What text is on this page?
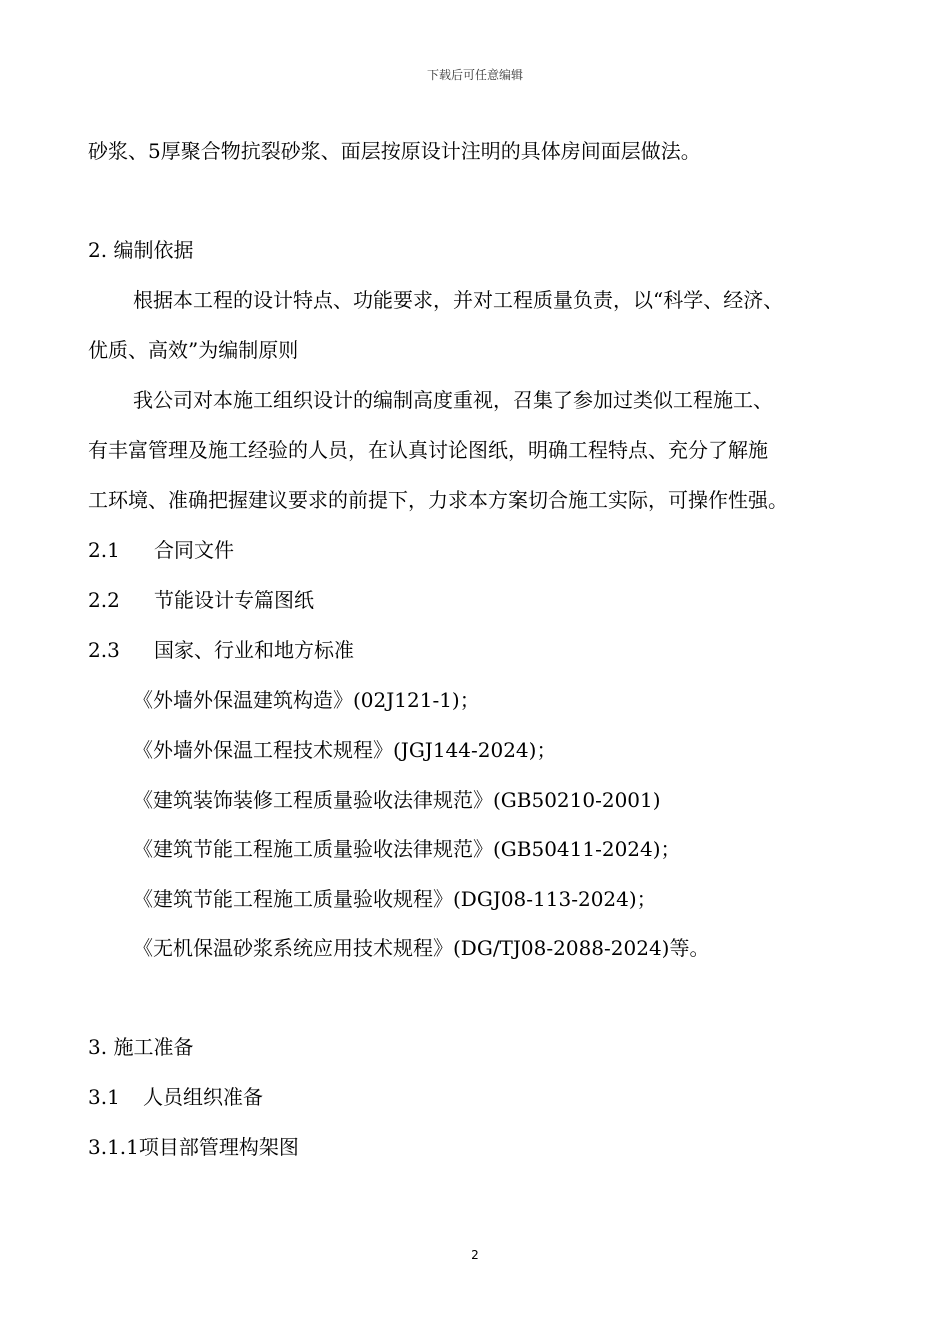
下载后可任意编辑
砂浆、5厚聚合物抗裂砂浆、面层按原设计注明的具体房间面层做法。
2. 编制依据
根据本工程的设计特点、功能要求，并对工程质量负责，以“科学、经济、
优质、高效”为编制原则
我公司对本施工组织设计的编制高度重视，召集了参加过类似工程施工、
有丰富管理及施工经验的人员，在认真讨论图纸，明确工程特点、充分了解施
工环境、准确把握建议要求的前提下，力求本方案切合施工实际，可操作性强。
2.1 合同文件
2.2 节能设计专篇图纸
2.3 国家、行业和地方标准
《外墙外保温建筑构造》(02J121-1)；
《外墙外保温工程技术规程》(JGJ144-2024)；
《建筑装饰装修工程质量验收法律规范》(GB50210-2001)
《建筑节能工程施工质量验收法律规范》(GB50411-2024)；
《建筑节能工程施工质量验收规程》(DGJ08-113-2024)；
《无机保温砂浆系统应用技术规程》(DG/TJ08-2088-2024)等。
3. 施工准备
3.1 人员组织准备
3.1.1项目部管理构架图
2
